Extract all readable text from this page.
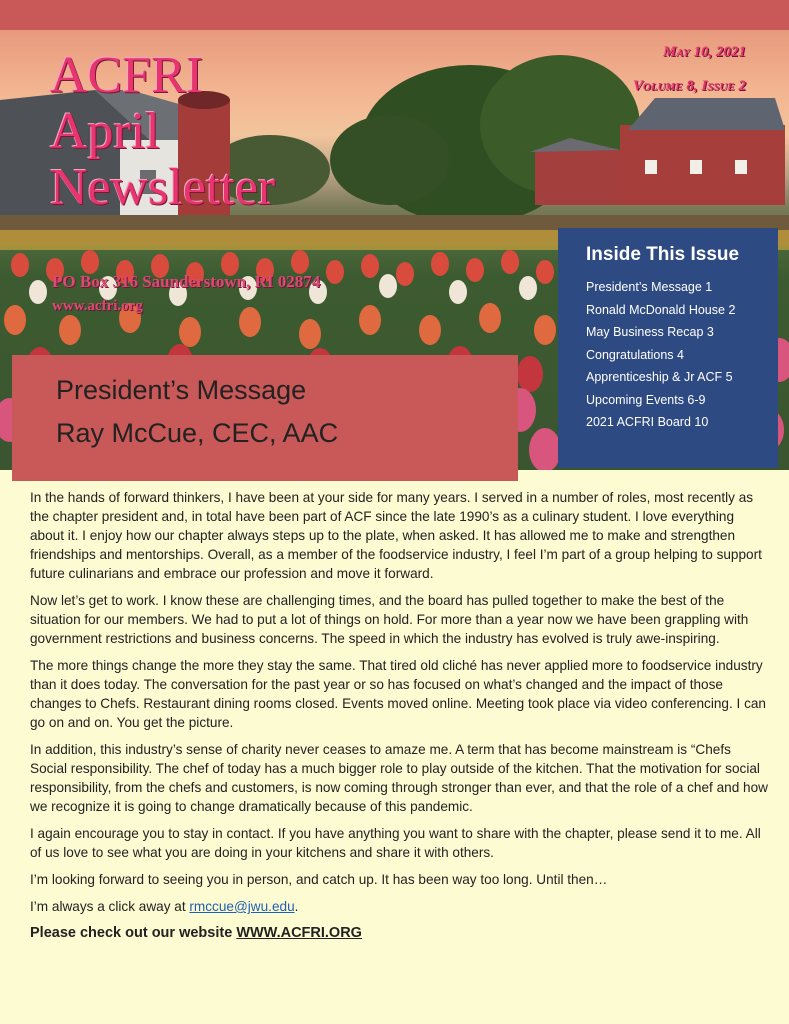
ACFRI
April
Newsletter
PO Box 316 Saunderstown, RI 02874
www.acfri.org
May 10, 2021
Volume 8, Issue 2
Inside This Issue
President’s Message 1
Ronald McDonald House 2
May Business Recap 3
Congratulations 4
Apprenticeship & Jr ACF 5
Upcoming Events 6-9
2021 ACFRI Board 10
President’s Message
Ray McCue, CEC, AAC

In the hands of forward thinkers, I have been at your side for many years. I served in a number of roles, most recently as the chapter president and, in total have been part of ACF since the late 1990’s as a culinary student. I love everything about it. I enjoy how our chapter always steps up to the plate, when asked. It has allowed me to make and strengthen friendships and mentorships. Overall, as a member of the foodservice industry, I feel I’m part of a group helping to support future culinarians and embrace our profession and move it forward.

Now let’s get to work. I know these are challenging times, and the board has pulled together to make the best of the situation for our members. We had to put a lot of things on hold. For more than a year now we have been grappling with government restrictions and business concerns. The speed in which the industry has evolved is truly awe-inspiring.

The more things change the more they stay the same. That tired old cliché has never applied more to foodservice industry than it does today. The conversation for the past year or so has focused on what’s changed and the impact of those changes to Chefs. Restaurant dining rooms closed. Events moved online. Meeting took place via video conferencing. I can go on and on. You get the picture.

In addition, this industry’s sense of charity never ceases to amaze me. A term that has become mainstream is “Chefs Social responsibility. The chef of today has a much bigger role to play outside of the kitchen. That the motivation for social responsibility, from the chefs and customers, is now coming through stronger than ever, and that the role of a chef and how we recognize it is going to change dramatically because of this pandemic.

I again encourage you to stay in contact. If you have anything you want to share with the chapter, please send it to me. All of us love to see what you are doing in your kitchens and share it with others.

I’m looking forward to seeing you in person, and catch up. It has been way too long. Until then…

I’m always a click away at rmccue@jwu.edu.

Please check out our website WWW.ACFRI.ORG
